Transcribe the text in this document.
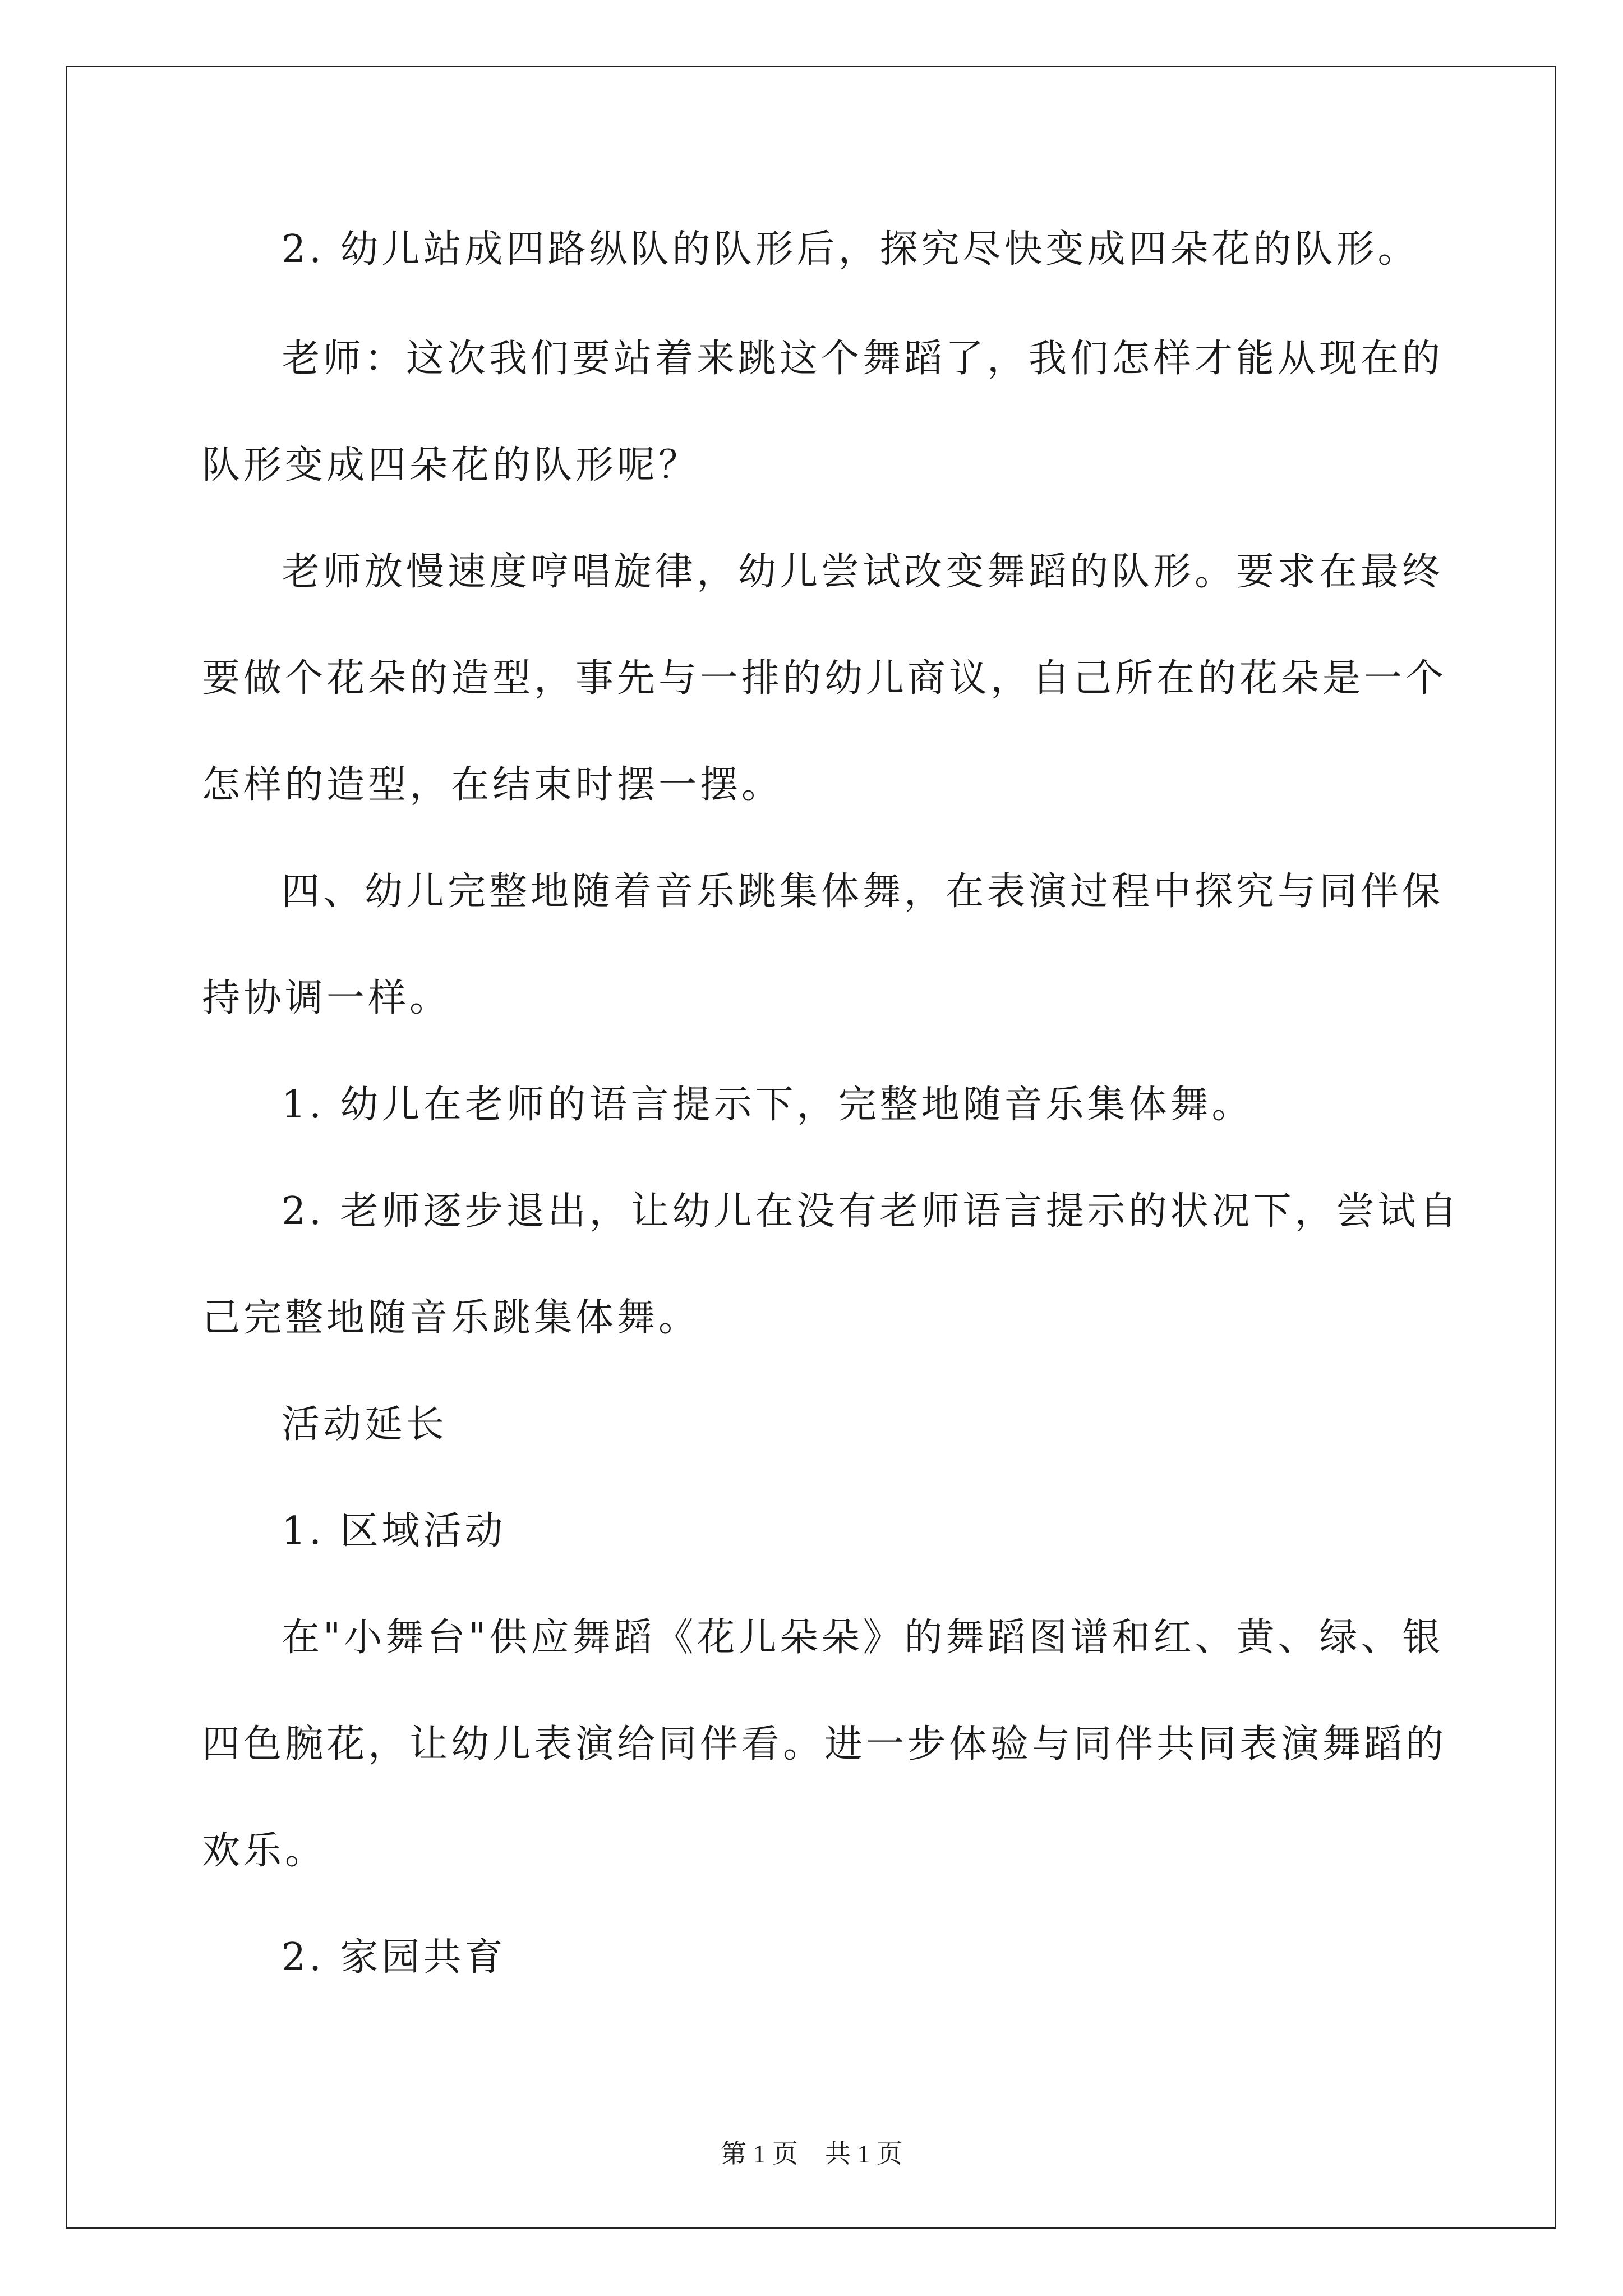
2. 幼儿站成四路纵队的队形后，探究尽快变成四朵花的队形。
老师：这次我们要站着来跳这个舞蹈了，我们怎样才能从现在的
队形变成四朵花的队形呢？
老师放慢速度哼唱旋律，幼儿尝试改变舞蹈的队形。要求在最终
要做个花朵的造型，事先与一排的幼儿商议，自己所在的花朵是一个
怎样的造型，在结束时摆一摆。
四、幼儿完整地随着音乐跳集体舞，在表演过程中探究与同伴保
持协调一样。
1. 幼儿在老师的语言提示下，完整地随音乐集体舞。
2. 老师逐步退出，让幼儿在没有老师语言提示的状况下，尝试自
己完整地随音乐跳集体舞。
活动延长
1. 区域活动
在"小舞台"供应舞蹈《花儿朵朵》的舞蹈图谱和红、黄、绿、银
四色腕花，让幼儿表演给同伴看。进一步体验与同伴共同表演舞蹈的
欢乐。
2. 家园共育
第 1 页 共 1 页
